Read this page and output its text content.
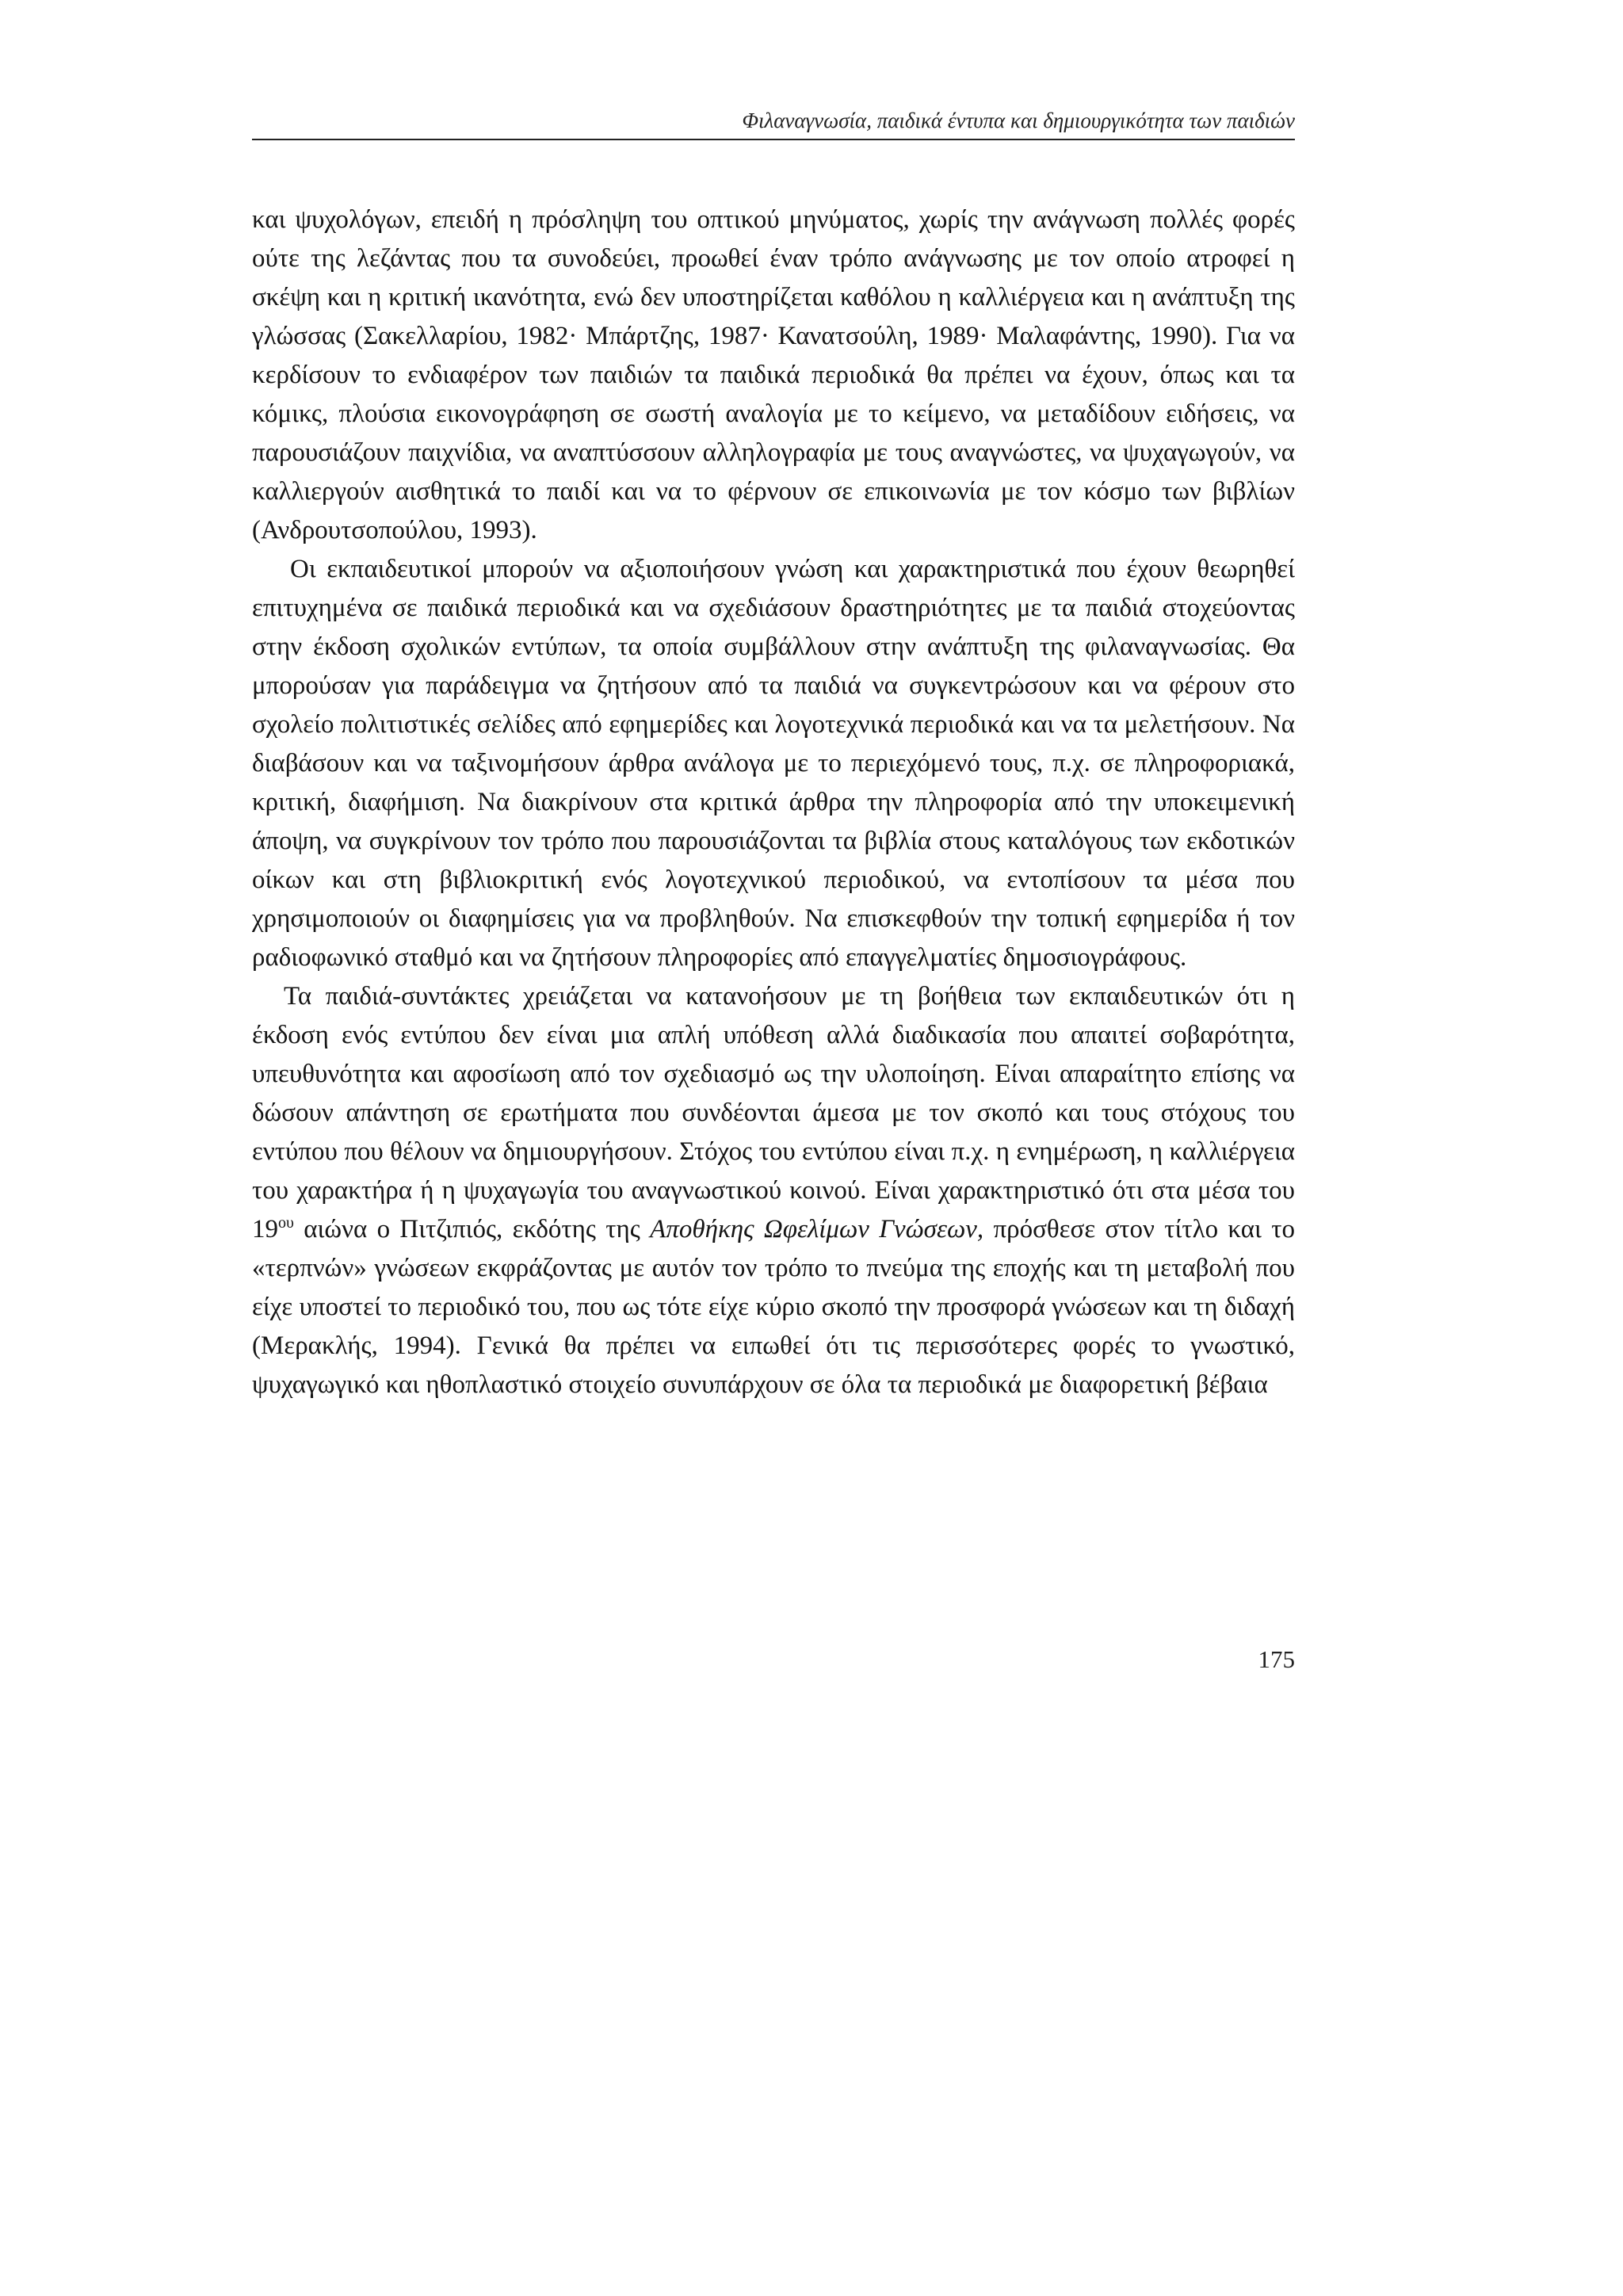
Φιλαναγνωσία, παιδικά έντυπα και δημιουργικότητα των παιδιών

και ψυχολόγων, επειδή η πρόσληψη του οπτικού μηνύματος, χωρίς την ανάγνωση πολλές φορές ούτε της λεζάντας που τα συνοδεύει, προωθεί έναν τρόπο ανάγνωσης με τον οποίο ατροφεί η σκέψη και η κριτική ικανότητα, ενώ δεν υποστηρίζεται καθόλου η καλλιέργεια και η ανάπτυξη της γλώσσας (Σακελλαρίου, 1982· Μπάρτζης, 1987· Κανατσούλη, 1989· Μαλαφάντης, 1990). Για να κερδίσουν το ενδιαφέρον των παιδιών τα παιδικά περιοδικά θα πρέπει να έχουν, όπως και τα κόμικς, πλούσια εικονογράφηση σε σωστή αναλογία με το κείμενο, να μεταδίδουν ειδήσεις, να παρουσιάζουν παιχνίδια, να αναπτύσσουν αλληλογραφία με τους αναγνώστες, να ψυχαγωγούν, να καλλιεργούν αισθητικά το παιδί και να το φέρνουν σε επικοινωνία με τον κόσμο των βιβλίων (Ανδρουτσοπούλου, 1993).

Οι εκπαιδευτικοί μπορούν να αξιοποιήσουν γνώση και χαρακτηριστικά που έχουν θεωρηθεί επιτυχημένα σε παιδικά περιοδικά και να σχεδιάσουν δραστηριότητες με τα παιδιά στοχεύοντας στην έκδοση σχολικών εντύπων, τα οποία συμβάλλουν στην ανάπτυξη της φιλαναγνωσίας. Θα μπορούσαν για παράδειγμα να ζητήσουν από τα παιδιά να συγκεντρώσουν και να φέρουν στο σχολείο πολιτιστικές σελίδες από εφημερίδες και λογοτεχνικά περιοδικά και να τα μελετήσουν. Να διαβάσουν και να ταξινομήσουν άρθρα ανάλογα με το περιεχόμενό τους, π.χ. σε πληροφοριακά, κριτική, διαφήμιση. Να διακρίνουν στα κριτικά άρθρα την πληροφορία από την υποκειμενική άποψη, να συγκρίνουν τον τρόπο που παρουσιάζονται τα βιβλία στους καταλόγους των εκδοτικών οίκων και στη βιβλιοκριτική ενός λογοτεχνικού περιοδικού, να εντοπίσουν τα μέσα που χρησιμοποιούν οι διαφημίσεις για να προβληθούν. Να επισκεφθούν την τοπική εφημερίδα ή τον ραδιοφωνικό σταθμό και να ζητήσουν πληροφορίες από επαγγελματίες δημοσιογράφους.

Τα παιδιά-συντάκτες χρειάζεται να κατανοήσουν με τη βοήθεια των εκπαιδευτικών ότι η έκδοση ενός εντύπου δεν είναι μια απλή υπόθεση αλλά διαδικασία που απαιτεί σοβαρότητα, υπευθυνότητα και αφοσίωση από τον σχεδιασμό ως την υλοποίηση. Είναι απαραίτητο επίσης να δώσουν απάντηση σε ερωτήματα που συνδέονται άμεσα με τον σκοπό και τους στόχους του εντύπου που θέλουν να δημιουργήσουν. Στόχος του εντύπου είναι π.χ. η ενημέρωση, η καλλιέργεια του χαρακτήρα ή η ψυχαγωγία του αναγνωστικού κοινού. Είναι χαρακτηριστικό ότι στα μέσα του $19^{o\upsilon}$ αιώνα ο Πιτζιπιός, εκδότης της Αποθήκης Ωφελίμων Γνώσεων, πρόσθεσε στον τίτλο και το «τερπνών» γνώσεων εκφράζοντας με αυτόν τον τρόπο το πνεύμα της εποχής και τη μεταβολή που είχε υποστεί το περιοδικό του, που ως τότε είχε κύριο σκοπό την προσφορά γνώσεων και τη διδαχή (Μερακλής, 1994). Γενικά θα πρέπει να ειπωθεί ότι τις περισσότερες φορές το γνωστικό, ψυχαγωγικό και ηθοπλαστικό στοιχείο συνυπάρχουν σε όλα τα περιοδικά με διαφορετική βέβαια

175
